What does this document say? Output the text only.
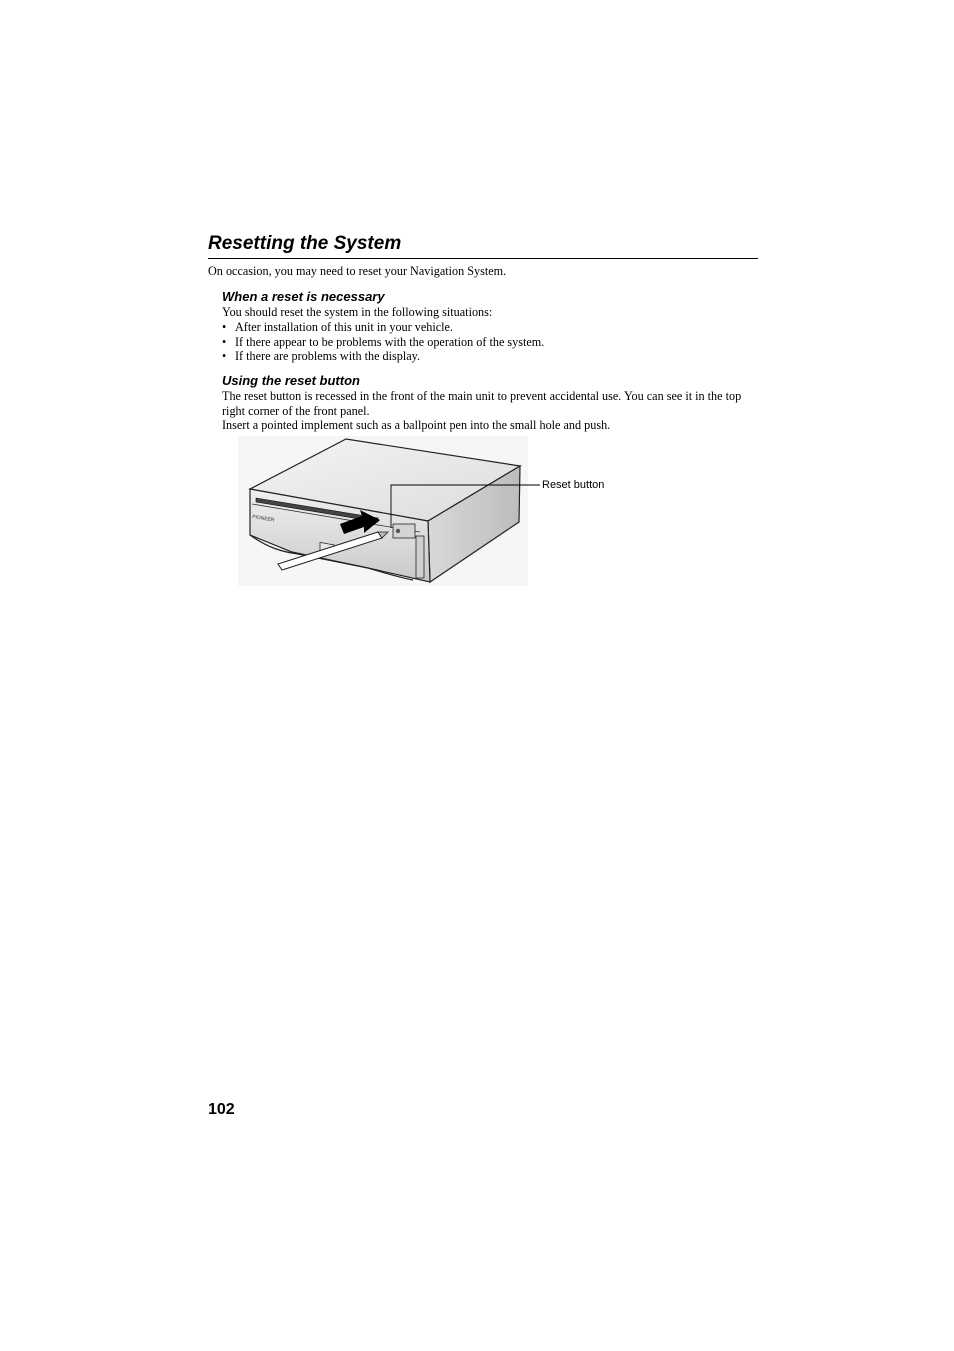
Resetting the System

On occasion, you may need to reset your Navigation System.

When a reset is necessary

You should reset the system in the following situations:

• After installation of this unit in your vehicle.
• If there appear to be problems with the operation of the system.
• If there are problems with the display.
Using the reset button
The reset button is recessed in the front of the main unit to prevent accidental use. You can see it in the top right corner of the front panel.
Insert a pointed implement such as a ballpoint pen into the small hole and push.
PIONEER
Reset button
102
